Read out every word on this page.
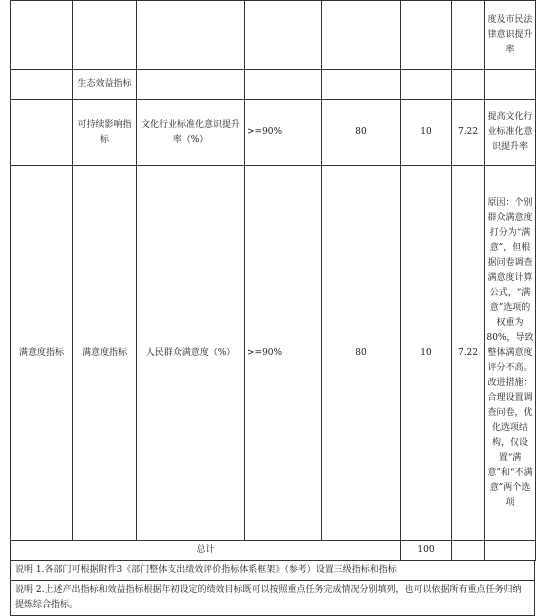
							度及市民法律意识提升率
	生态效益指标						
	可持续影响指标	文化行业标准化意识提升率（%）	>=90%	80	10	7.22	提高文化行业标准化意识提升率
满意度指标	满意度指标	人民群众满意度（%）	>=90%	80	10	7.22	原因：个别群众满意度打分为“满意”，但根据问卷调查满意度计算公式，“满意”选项的权重为80%，导致整体满意度评分不高。改进措施：合理设置调查问卷，优化选项结构，仅设置“满意”和“不满意”两个选项
总计					100		
说明 1.各部门可根据附件3《部门整体支出绩效评价指标体系框架》（参考）设置三级指标和指标
说明 2.上述产出指标和效益指标根据年初设定的绩效目标既可以按照重点任务完成情况分别填列，也可以依据所有重点任务归纳提炼综合指标。
